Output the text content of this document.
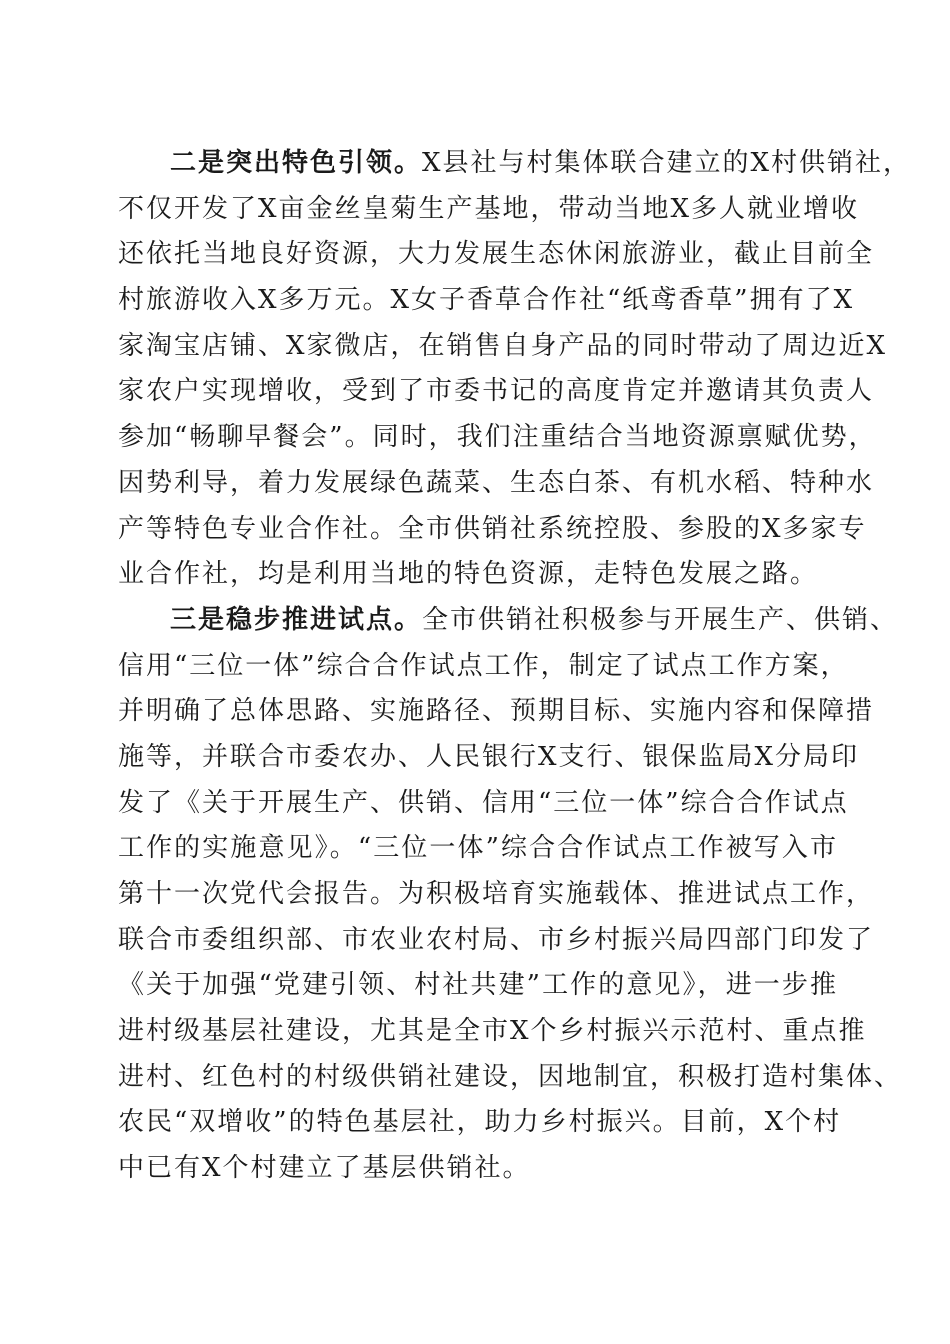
二是突出特色引领。X县社与村集体联合建立的X村供销社，
不仅开发了X亩金丝皇菊生产基地，带动当地X多人就业增收
还依托当地良好资源，大力发展生态休闲旅游业，截止目前全
村旅游收入X多万元。X女子香草合作社“纸鸢香草”拥有了X
家淘宝店铺、X家微店，在销售自身产品的同时带动了周边近X
家农户实现增收，受到了市委书记的高度肯定并邀请其负责人
参加“畅聊早餐会”。同时，我们注重结合当地资源禀赋优势，
因势利导，着力发展绿色蔬菜、生态白茶、有机水稻、特种水
产等特色专业合作社。全市供销社系统控股、参股的X多家专
业合作社，均是利用当地的特色资源，走特色发展之路。
三是稳步推进试点。全市供销社积极参与开展生产、供销、
信用“三位一体”综合合作试点工作，制定了试点工作方案，
并明确了总体思路、实施路径、预期目标、实施内容和保障措
施等，并联合市委农办、人民银行X支行、银保监局X分局印
发了《关于开展生产、供销、信用“三位一体”综合合作试点
工作的实施意见》。“三位一体”综合合作试点工作被写入市
第十一次党代会报告。为积极培育实施载体、推进试点工作，
联合市委组织部、市农业农村局、市乡村振兴局四部门印发了
《关于加强“党建引领、村社共建”工作的意见》，进一步推
进村级基层社建设，尤其是全市X个乡村振兴示范村、重点推
进村、红色村的村级供销社建设，因地制宜，积极打造村集体、
农民“双增收”的特色基层社，助力乡村振兴。目前，X个村
中已有X个村建立了基层供销社。
